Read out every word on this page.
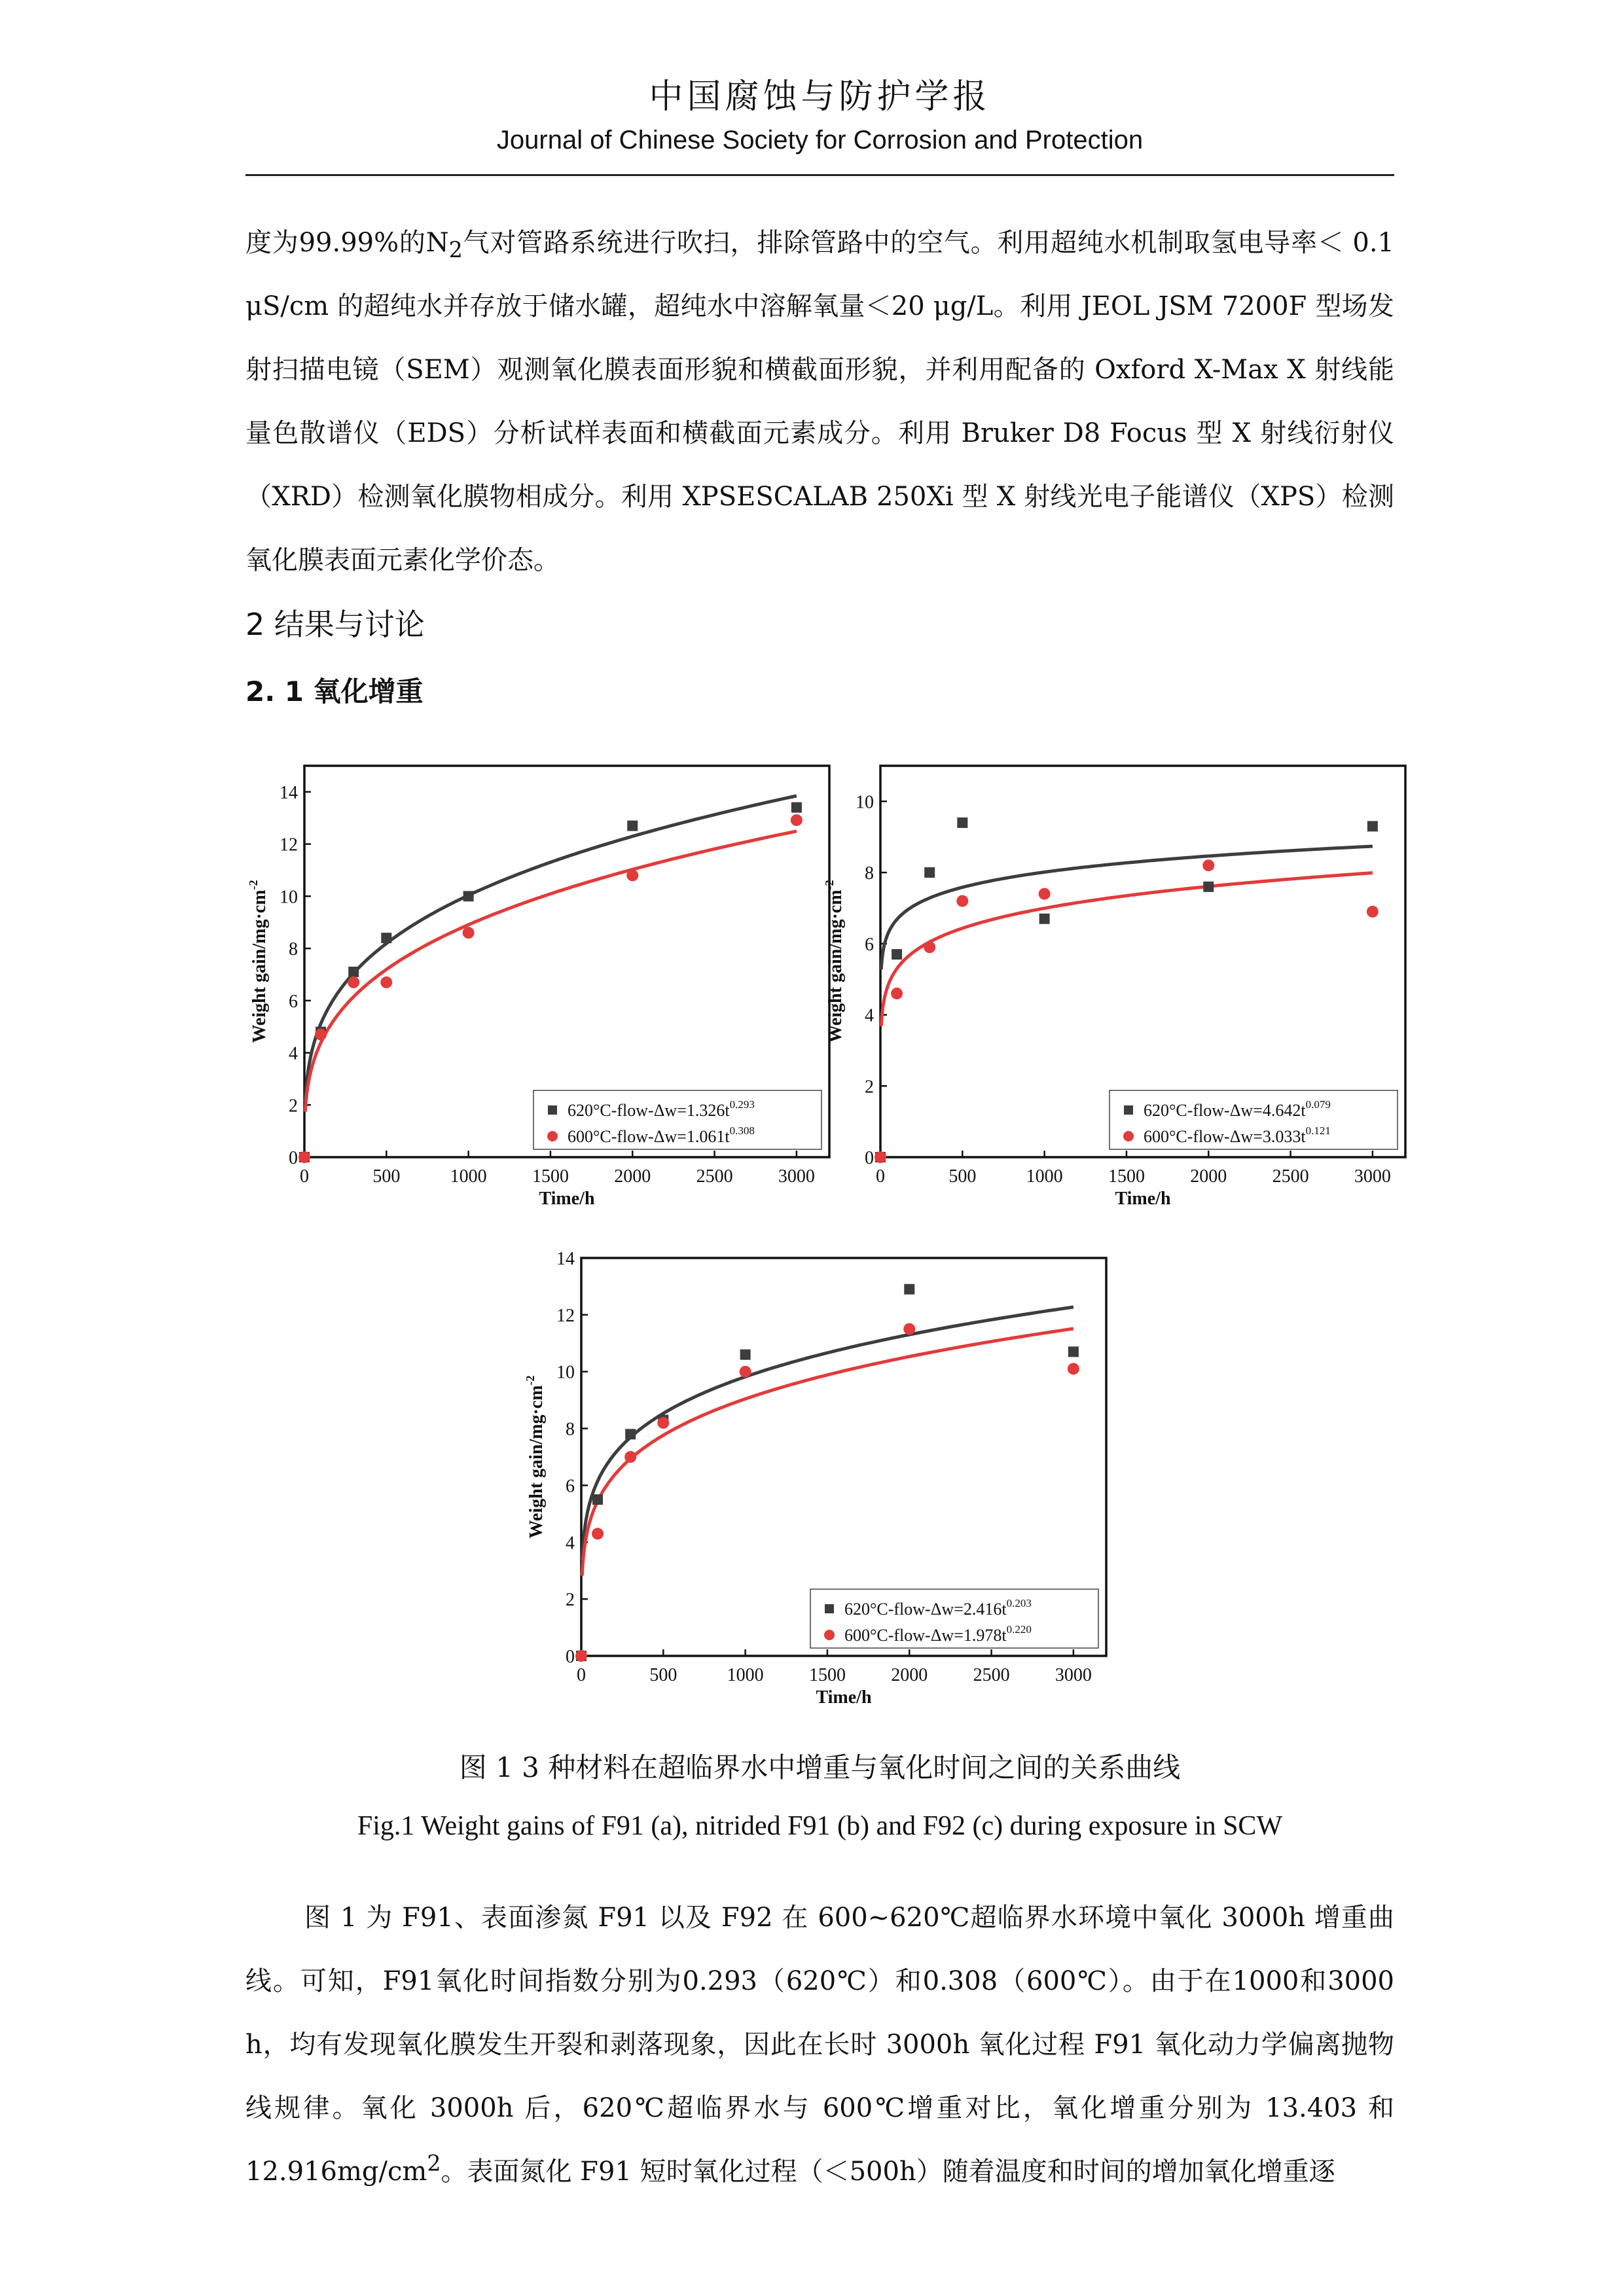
中国腐蚀与防护学报
Journal of Chinese Society for Corrosion and Protection
度为99.99%的$N_2$气对管路系统进行吹扫，排除管路中的空气。利用超纯水机制取氢电导率＜ 0.1 μS/cm 的超纯水并存放于储水罐，超纯水中溶解氧量＜20 μg/L。利用 JEOL JSM 7200F 型场发射扫描电镜（SEM）观测氧化膜表面形貌和横截面形貌，并利用配备的 Oxford X-Max X 射线能量色散谱仪（EDS）分析试样表面和横截面元素成分。利用 Bruker D8 Focus 型 X 射线衍射仪（XRD）检测氧化膜物相成分。利用 XPSESCALAB 250Xi 型 X 射线光电子能谱仪（XPS）检测氧化膜表面元素化学价态。
2 结果与讨论
2. 1 氧化增重
0	500	1000 1500 2000 2500 3000
0
2
4
6
8
10
12
14
Time/h
Weight gain/$mg\cdot cm^{-2}$
$620^\circ C-flow-\Delta w=1.326t^{0.293}$
$600^\circ C-flow-\Delta w=1.061t^{0.308}$
0	500	1000 1500 2000 2500 3000
0
2
4
6
8
10
Time/h
Weight gain/$mg\cdot cm^{-2}$
$620^\circ C-flow-\Delta w=4.642t^{0.079}$
$600^\circ C-flow-\Delta w=3.033t^{0.121}$
0	500	1000 1500 2000 2500 3000
0
2
4
6
8
10
12
14
Time/h
Weight gain/$mg\cdot cm^{-2}$
$620^\circ C-flow-\Delta w=2.416t^{0.203}$
$600^\circ C-flow-\Delta w=1.978t^{0.220}$
图 1 3 种材料在超临界水中增重与氧化时间之间的关系曲线
Fig.1 Weight gains of F91 (a), nitrided F91 (b) and F92 (c) during exposure in SCW
图 1 为 F91、表面渗氮 F91 以及 F92 在 600~620℃超临界水环境中氧化 3000h 增重曲线。可知，F91氧化时间指数分别为0.293（620℃）和0.308（600℃）。由于在1000和3000 h，均有发现氧化膜发生开裂和剥落现象，因此在长时 3000h 氧化过程 F91 氧化动力学偏离抛物线规律。氧化 3000h 后，620℃超临界水与 600℃增重对比，氧化增重分别为 13.403 和 $12.916mg/cm^2$。表面氮化 F91 短时氧化过程（＜500h）随着温度和时间的增加氧化增重逐
